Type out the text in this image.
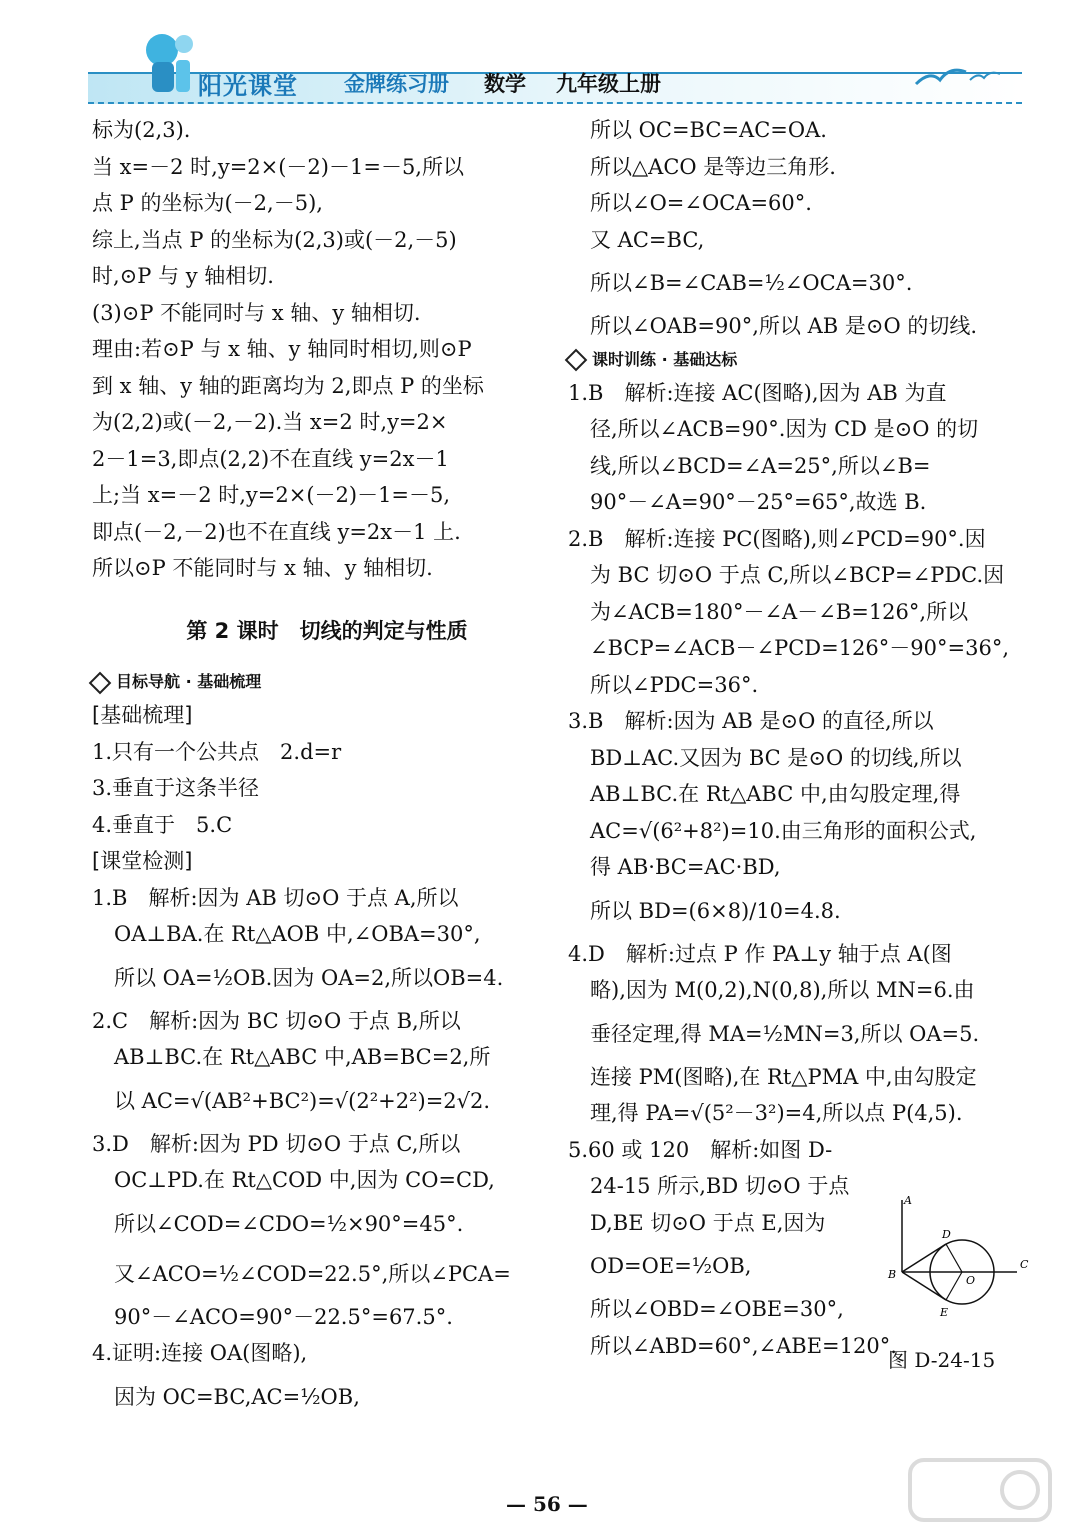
阳光课堂 金牌练习册 数学 九年级上册

标为(2,3).

当 x=－2 时,y=2×(－2)－1=－5,所以

点 P 的坐标为(－2,－5),

综上,当点 P 的坐标为(2,3)或(－2,－5)

时,⊙P 与 y 轴相切.

(3)⊙P 不能同时与 x 轴、y 轴相切.

理由:若⊙P 与 x 轴、y 轴同时相切,则⊙P

到 x 轴、y 轴的距离均为 2,即点 P 的坐标

为(2,2)或(－2,－2).当 x=2 时,y=2×

2－1=3,即点(2,2)不在直线 y=2x－1

上;当 x=－2 时,y=2×(－2)－1=－5,

即点(－2,－2)也不在直线 y=2x－1 上.

所以⊙P 不能同时与 x 轴、y 轴相切.

第 2 课时　切线的判定与性质

目标导航 · 基础梳理

[基础梳理]

1.只有一个公共点　2.d=r

3.垂直于这条半径

4.垂直于　5.C

[课堂检测]

1.B　解析:因为 AB 切⊙O 于点 A,所以

OA⊥BA.在 Rt△AOB 中,∠OBA=30°,

所以 OA=½OB.因为 OA=2,所以OB=4.

2.C　解析:因为 BC 切⊙O 于点 B,所以

AB⊥BC.在 Rt△ABC 中,AB=BC=2,所

以 AC=√(AB²+BC²)=√(2²+2²)=2√2.

3.D　解析:因为 PD 切⊙O 于点 C,所以

OC⊥PD.在 Rt△COD 中,因为 CO=CD,

所以∠COD=∠CDO=½×90°=45°.

又∠ACO=½∠COD=22.5°,所以∠PCA=

90°－∠ACO=90°－22.5°=67.5°.

4.证明:连接 OA(图略),

因为 OC=BC,AC=½OB,

所以 OC=BC=AC=OA.

所以△ACO 是等边三角形.

所以∠O=∠OCA=60°.

又 AC=BC,

所以∠B=∠CAB=½∠OCA=30°.

所以∠OAB=90°,所以 AB 是⊙O 的切线.

课时训练 · 基础达标

1.B　解析:连接 AC(图略),因为 AB 为直

径,所以∠ACB=90°.因为 CD 是⊙O 的切

线,所以∠BCD=∠A=25°,所以∠B=

90°－∠A=90°－25°=65°,故选 B.

2.B　解析:连接 PC(图略),则∠PCD=90°.因

为 BC 切⊙O 于点 C,所以∠BCP=∠PDC.因

为∠ACB=180°－∠A－∠B=126°,所以

∠BCP=∠ACB－∠PCD=126°－90°=36°,

所以∠PDC=36°.

3.B　解析:因为 AB 是⊙O 的直径,所以

BD⊥AC.又因为 BC 是⊙O 的切线,所以

AB⊥BC.在 Rt△ABC 中,由勾股定理,得

AC=√(6²+8²)=10.由三角形的面积公式,

得 AB·BC=AC·BD,

所以 BD=(6×8)/10=4.8.

4.D　解析:过点 P 作 PA⊥y 轴于点 A(图

略),因为 M(0,2),N(0,8),所以 MN=6.由

垂径定理,得 MA=½MN=3,所以 OA=5.

连接 PM(图略),在 Rt△PMA 中,由勾股定

理,得 PA=√(5²－3²)=4,所以点 P(4,5).

5.60 或 120　解析:如图 D-

24-15 所示,BD 切⊙O 于点

D,BE 切⊙O 于点 E,因为

OD=OE=½OB,

所以∠OBD=∠OBE=30°,

所以∠ABD=60°,∠ABE=120°.

A
B
C
D
E
O
图 D-24-15
— 56 —
